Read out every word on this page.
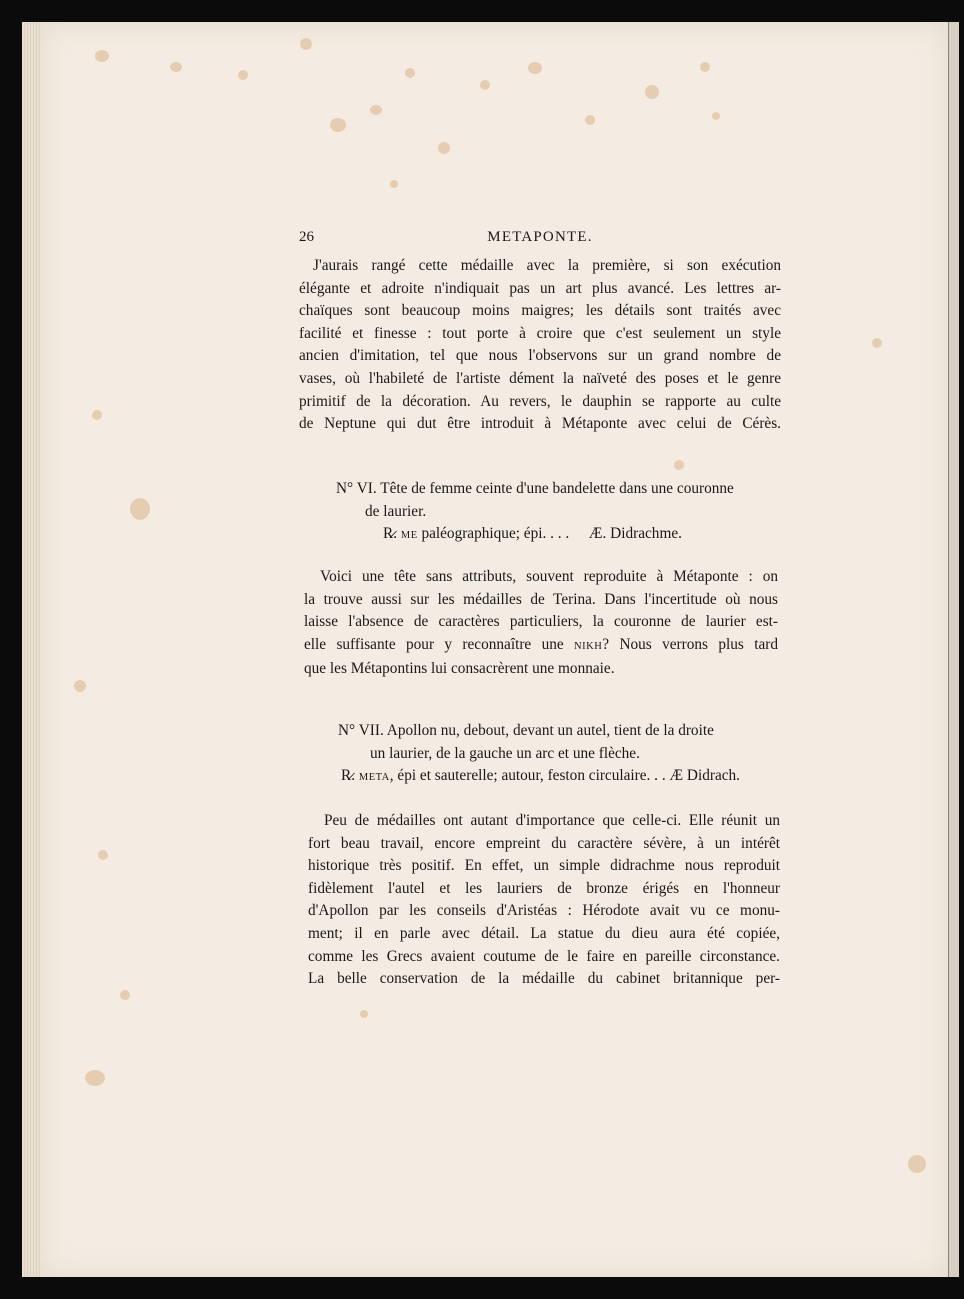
26	METAPONTE.
J'aurais rangé cette médaille avec la première, si son exécution
élégante et adroite n'indiquait pas un art plus avancé. Les lettres ar-
chaïques sont beaucoup moins maigres; les détails sont traités avec
facilité et finesse : tout porte à croire que c'est seulement un style
ancien d'imitation, tel que nous l'observons sur un grand nombre de
vases, où l'habileté de l'artiste dément la naïveté des poses et le genre
primitif de la décoration. Au revers, le dauphin se rapporte au culte
de Neptune qui dut être introduit à Métaponte avec celui de Cérès.
N° VI. Tête de femme ceinte d'une bandelette dans une couronne
de laurier.
R̷. ME paléographique; épi. . . . Æ. Didrachme.
Voici une tête sans attributs, souvent reproduite à Métaponte : on
la trouve aussi sur les médailles de Terina. Dans l'incertitude où nous
laisse l'absence de caractères particuliers, la couronne de laurier est-
elle suffisante pour y reconnaître une NIKH? Nous verrons plus tard
que les Métapontins lui consacrèrent une monnaie.
N° VII. Apollon nu, debout, devant un autel, tient de la droite
un laurier, de la gauche un arc et une flèche.
R̷. META, épi et sauterelle; autour, feston circulaire. . . Æ Didrach.
Peu de médailles ont autant d'importance que celle-ci. Elle réunit un
fort beau travail, encore empreint du caractère sévère, à un intérêt
historique très positif. En effet, un simple didrachme nous reproduit
fidèlement l'autel et les lauriers de bronze érigés en l'honneur
d'Apollon par les conseils d'Aristéas : Hérodote avait vu ce monu-
ment; il en parle avec détail. La statue du dieu aura été copiée,
comme les Grecs avaient coutume de le faire en pareille circonstance.
La belle conservation de la médaille du cabinet britannique per-
